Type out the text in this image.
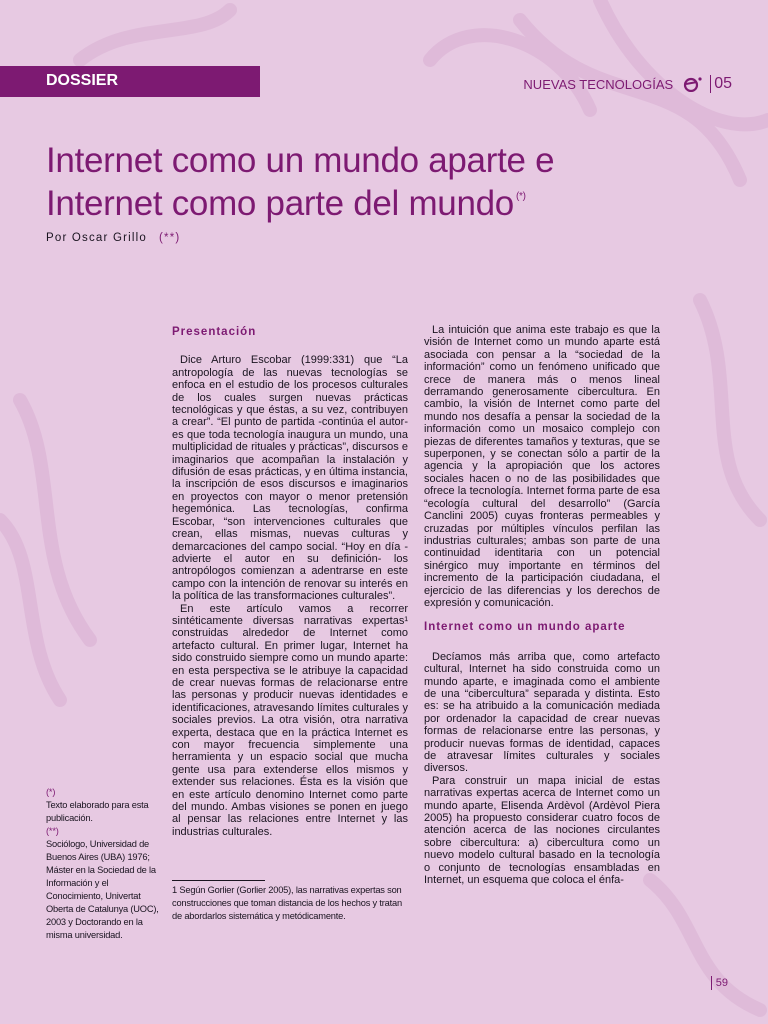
DOSSIER	NUEVAS TECNOLOGÍAS	05
Internet como un mundo aparte e
Internet como parte del mundo (*)
Por Oscar Grillo (**)
Presentación

Dice Arturo Escobar (1999:331) que “La antropología de las nuevas tecnologías se enfoca en el estudio de los procesos culturales de los cuales surgen nuevas prácticas tecnológicas y que éstas, a su vez, contribuyen a crear”. “El punto de partida -continúa el autor- es que toda tecnología inaugura un mundo, una multiplicidad de rituales y prácticas”, discursos e imaginarios que acompañan la instalación y difusión de esas prácticas, y en última instancia, la inscripción de esos discursos e imaginarios en proyectos con mayor o menor pretensión hegemónica. Las tecnologías, confirma Escobar, “son intervenciones culturales que crean, ellas mismas, nuevas culturas y demarcaciones del campo social. “Hoy en día -advierte el autor en su definición- los antropólogos comienzan a adentrarse en este campo con la intención de renovar su interés en la política de las transformaciones culturales”.

En este artículo vamos a recorrer sintéticamente diversas narrativas expertas¹ construidas alrededor de Internet como artefacto cultural. En primer lugar, Internet ha sido construido siempre como un mundo aparte: en esta perspectiva se le atribuye la capacidad de crear nuevas formas de relacionarse entre las personas y producir nuevas identidades e identificaciones, atravesando límites culturales y sociales previos. La otra visión, otra narrativa experta, destaca que en la práctica Internet es con mayor frecuencia simplemente una herramienta y un espacio social que mucha gente usa para extenderse ellos mismos y extender sus relaciones. Ésta es la visión que en este artículo denomino Internet como parte del mundo. Ambas visiones se ponen en juego al pensar las relaciones entre Internet y las industrias culturales.

1 Según Gorlier (Gorlier 2005), las narrativas expertas son construcciones que toman distancia de los hechos y tratan de abordarlos sistemática y metódicamente.

La intuición que anima este trabajo es que la visión de Internet como un mundo aparte está asociada con pensar a la “sociedad de la información” como un fenómeno unificado que crece de manera más o menos lineal derramando generosamente cibercultura. En cambio, la visión de Internet como parte del mundo nos desafía a pensar la sociedad de la información como un mosaico complejo con piezas de diferentes tamaños y texturas, que se superponen, y se conectan sólo a partir de la agencia y la apropiación que los actores sociales hacen o no de las posibilidades que ofrece la tecnología. Internet forma parte de esa “ecología cultural del desarrollo” (García Canclini 2005) cuyas fronteras permeables y cruzadas por múltiples vínculos perfilan las industrias culturales; ambas son parte de una continuidad identitaria con un potencial sinérgico muy importante en términos del incremento de la participación ciudadana, el ejercicio de las diferencias y los derechos de expresión y comunicación.

Internet como un mundo aparte

Decíamos más arriba que, como artefacto cultural, Internet ha sido construida como un mundo aparte, e imaginada como el ambiente de una “cibercultura” separada y distinta. Esto es: se ha atribuido a la comunicación mediada por ordenador la capacidad de crear nuevas formas de relacionarse entre las personas, y producir nuevas formas de identidad, capaces de atravesar límites culturales y sociales diversos.

Para construir un mapa inicial de estas narrativas expertas acerca de Internet como un mundo aparte, Elisenda Ardèvol (Ardèvol Piera 2005) ha propuesto considerar cuatro focos de atención acerca de las nociones circulantes sobre cibercultura: a) cibercultura como un nuevo modelo cultural basado en la tecnología o conjunto de tecnologías ensambladas en Internet, un esquema que coloca el énfa-

(*)
Texto elaborado para esta publicación.
(**)
Sociólogo, Universidad de Buenos Aires (UBA) 1976; Máster en la Sociedad de la Información y el Conocimiento, Univertat Oberta de Catalunya (UOC), 2003 y Doctorando en la misma universidad.
59
